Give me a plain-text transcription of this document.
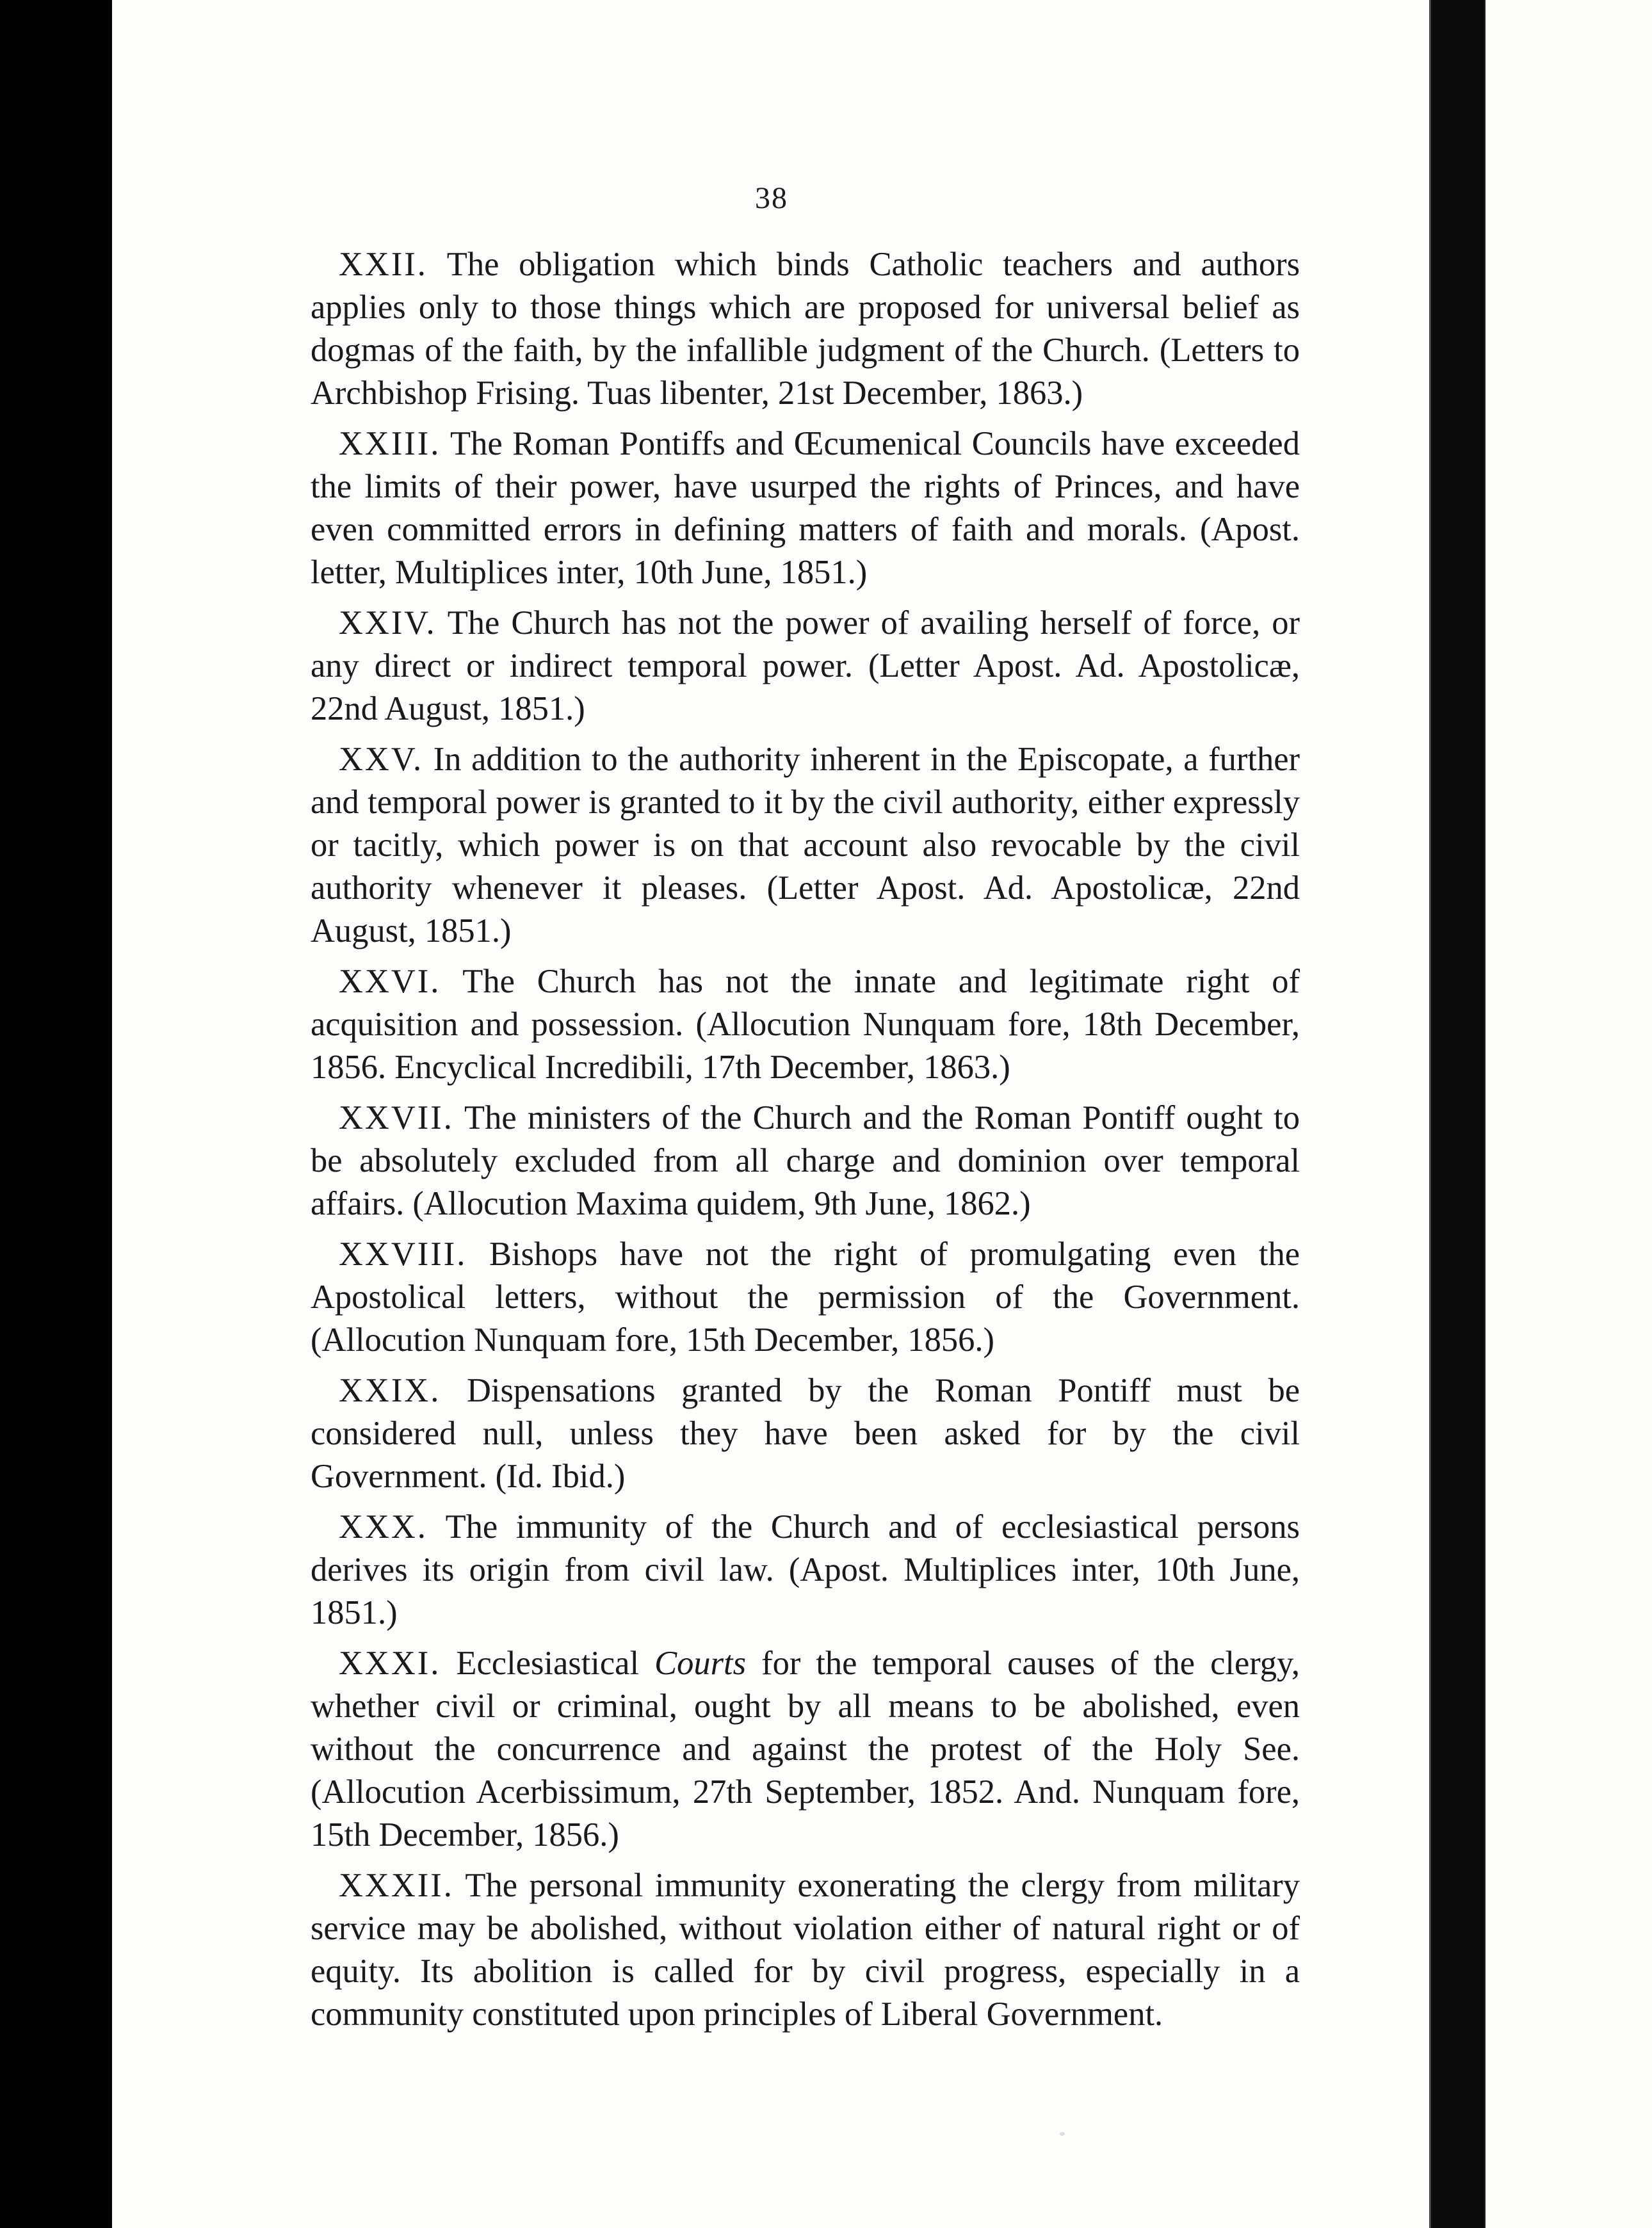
38

XXII. The obligation which binds Catholic teachers and authors applies only to those things which are proposed for universal belief as dogmas of the faith, by the infallible judgment of the Church. (Letters to Archbishop Frising. Tuas libenter, 21st December, 1863.)

XXIII. The Roman Pontiffs and Œcumenical Councils have exceeded the limits of their power, have usurped the rights of Princes, and have even committed errors in defining matters of faith and morals. (Apost. letter, Multiplices inter, 10th June, 1851.)

XXIV. The Church has not the power of availing herself of force, or any direct or indirect temporal power. (Letter Apost. Ad. Apostolicæ, 22nd August, 1851.)

XXV. In addition to the authority inherent in the Episcopate, a further and temporal power is granted to it by the civil authority, either expressly or tacitly, which power is on that account also revocable by the civil authority whenever it pleases. (Letter Apost. Ad. Apostolicæ, 22nd August, 1851.)

XXVI. The Church has not the innate and legitimate right of acquisition and possession. (Allocution Nunquam fore, 18th December, 1856. Encyclical Incredibili, 17th December, 1863.)

XXVII. The ministers of the Church and the Roman Pontiff ought to be absolutely excluded from all charge and dominion over temporal affairs. (Allocution Maxima quidem, 9th June, 1862.)

XXVIII. Bishops have not the right of promulgating even the Apostolical letters, without the permission of the Government. (Allocution Nunquam fore, 15th December, 1856.)

XXIX. Dispensations granted by the Roman Pontiff must be considered null, unless they have been asked for by the civil Government. (Id. Ibid.)

XXX. The immunity of the Church and of ecclesiastical persons derives its origin from civil law. (Apost. Multiplices inter, 10th June, 1851.)

XXXI. Ecclesiastical Courts for the temporal causes of the clergy, whether civil or criminal, ought by all means to be abolished, even without the concurrence and against the protest of the Holy See. (Allocution Acerbissimum, 27th September, 1852. And. Nunquam fore, 15th December, 1856.)

XXXII. The personal immunity exonerating the clergy from military service may be abolished, without violation either of natural right or of equity. Its abolition is called for by civil progress, especially in a community constituted upon principles of Liberal Government.
